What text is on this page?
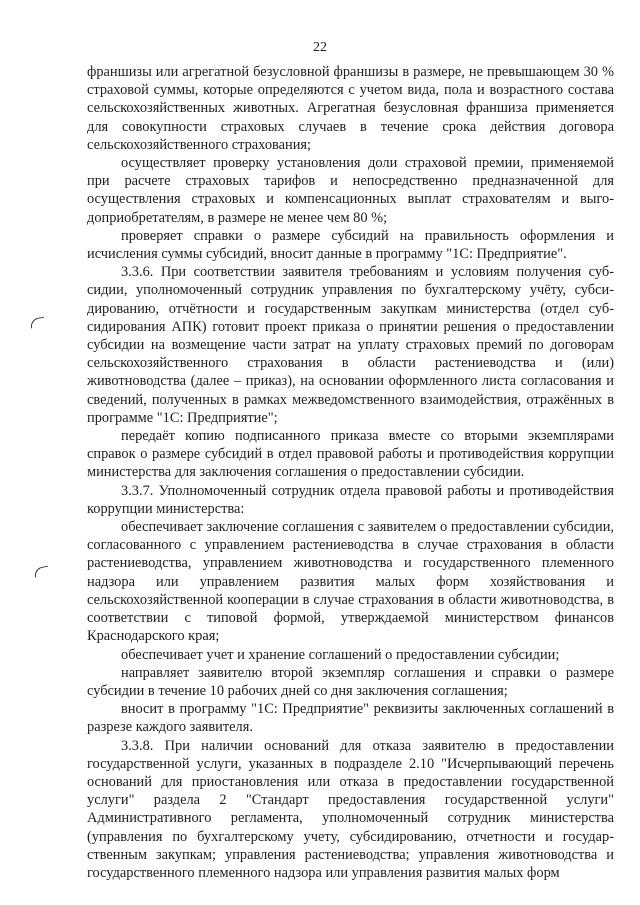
22

франшизы или агрегатной безусловной франшизы в размере, не превышающем 30 % страховой суммы, которые определяются с учетом вида, пола и возрастного состава сельскохозяйственных животных. Агрегатная безусловная франшиза применяется для совокупности страховых случаев в течение срока действия договора сельскохозяйственного страхования;

осуществляет проверку установления доли страховой премии, применяемой при расчете страховых тарифов и непосредственно предназначенной для осуществления страховых и компенсационных выплат страхователям и выгодоприобретателям, в размере не менее чем 80 %;

проверяет справки о размере субсидий на правильность оформления и исчисления суммы субсидий, вносит данные в программу "1С: Предприятие".

3.3.6. При соответствии заявителя требованиям и условиям получения субсидии, уполномоченный сотрудник управления по бухгалтерскому учёту, субсидированию, отчётности и государственным закупкам министерства (отдел субсидирования АПК) готовит проект приказа о принятии решения о предоставлении субсидии на возмещение части затрат на уплату страховых премий по договорам сельскохозяйственного страхования в области растениеводства и (или) животноводства (далее – приказ), на основании оформленного листа согласования и сведений, полученных в рамках межведомственного взаимодействия, отражённых в программе "1С: Предприятие";

передаёт копию подписанного приказа вместе со вторыми экземплярами справок о размере субсидий в отдел правовой работы и противодействия коррупции министерства для заключения соглашения о предоставлении субсидии.

3.3.7. Уполномоченный сотрудник отдела правовой работы и противодействия коррупции министерства:

обеспечивает заключение соглашения с заявителем о предоставлении субсидии, согласованного с управлением растениеводства в случае страхования в области растениеводства, управлением животноводства и государственного племенного надзора или управлением развития малых форм хозяйствования и сельскохозяйственной кооперации в случае страхования в области животноводства, в соответствии с типовой формой, утверждаемой министерством финансов Краснодарского края;

обеспечивает учет и хранение соглашений о предоставлении субсидии;

направляет заявителю второй экземпляр соглашения и справки о размере субсидии в течение 10 рабочих дней со дня заключения соглашения;

вносит в программу "1С: Предприятие" реквизиты заключенных соглашений в разрезе каждого заявителя.

3.3.8. При наличии оснований для отказа заявителю в предоставлении государственной услуги, указанных в подразделе 2.10 "Исчерпывающий перечень оснований для приостановления или отказа в предоставлении государственной услуги" раздела 2 "Стандарт предоставления государственной услуги" Административного регламента, уполномоченный сотрудник министерства (управления по бухгалтерскому учету, субсидированию, отчетности и государственным закупкам; управления растениеводства; управления животноводства и государственного племенного надзора или управления развития малых форм
